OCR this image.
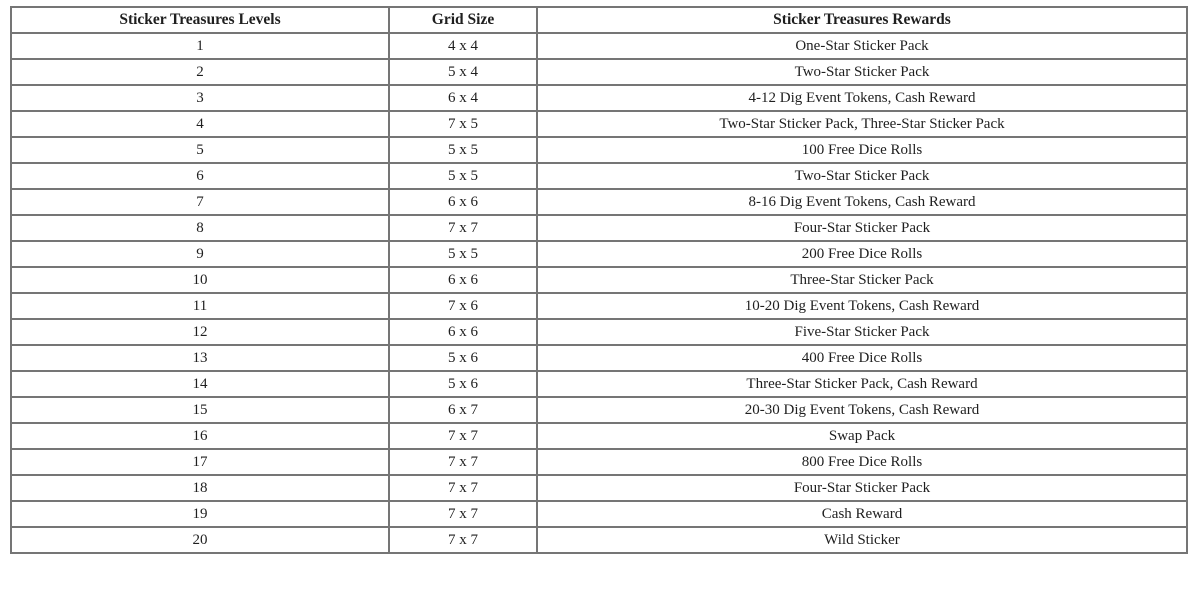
Sticker Treasures Levels	Grid Size	Sticker Treasures Rewards
1	4 x 4	One-Star Sticker Pack
2	5 x 4	Two-Star Sticker Pack
3	6 x 4	4-12 Dig Event Tokens, Cash Reward
4	7 x 5	Two-Star Sticker Pack, Three-Star Sticker Pack
5	5 x 5	100 Free Dice Rolls
6	5 x 5	Two-Star Sticker Pack
7	6 x 6	8-16 Dig Event Tokens, Cash Reward
8	7 x 7	Four-Star Sticker Pack
9	5 x 5	200 Free Dice Rolls
10	6 x 6	Three-Star Sticker Pack
11	7 x 6	10-20 Dig Event Tokens, Cash Reward
12	6 x 6	Five-Star Sticker Pack
13	5 x 6	400 Free Dice Rolls
14	5 x 6	Three-Star Sticker Pack, Cash Reward
15	6 x 7	20-30 Dig Event Tokens, Cash Reward
16	7 x 7	Swap Pack
17	7 x 7	800 Free Dice Rolls
18	7 x 7	Four-Star Sticker Pack
19	7 x 7	Cash Reward
20	7 x 7	Wild Sticker
